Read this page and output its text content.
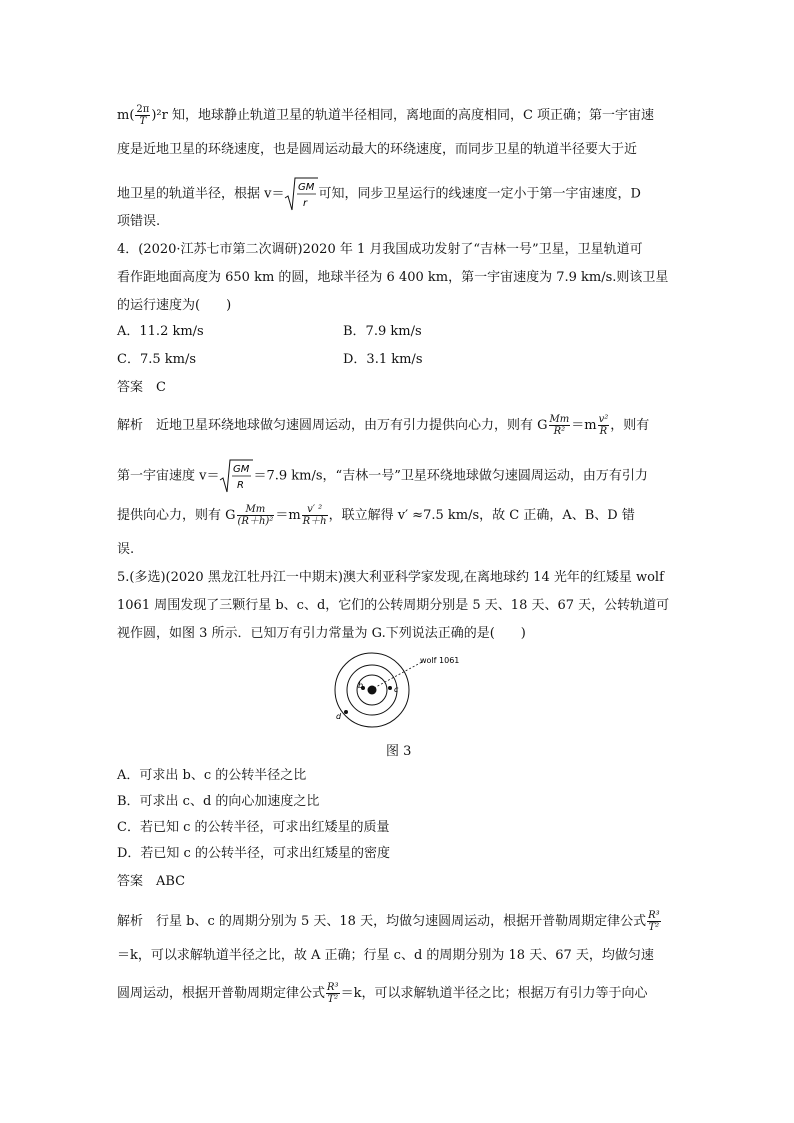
$m( \frac{2\pi}{T} )^2r$ 知，地球静止轨道卫星的轨道半径相同，离地面的高度相同，C 项正确；第一宇宙速
度是近地卫星的环绕速度，也是圆周运动最大的环绕速度，而同步卫星的轨道半径要大于近
地卫星的轨道半径，根据 v＝ GM
r
可知，同步卫星运行的线速度一定小于第一宇宙速度，D
项错误.
4．(2020·江苏七市第二次调研)2020 年 1 月我国成功发射了“吉林一号”卫星，卫星轨道可
看作距地面高度为 650 km 的圆，地球半径为 6 400 km，第一宇宙速度为 7.9 km/s.则该卫星
的运行速度为(　　)
A．11.2 km/s	B．7.9 km/s
C．7.5 km/s	D．3.1 km/s
答案　C
解析　近地卫星环绕地球做匀速圆周运动，由万有引力提供向心力，则有 G $\frac{Mm}{\text{R²}} =m \frac{\text{v²}}{R}$ ，则有
第一宇宙速度 v＝ GM
R
＝7.9 km/s，“吉林一号”卫星环绕地球做匀速圆周运动，由万有引力
提供向心力，则有 G $\frac{Mm}{\text{(R＋h)²}} =m \frac{\text{v′ ²}}{R+h}$ ，联立解得 v′ ≈7.5 km/s，故 C 正确，A、B、D 错
误.
5.(多选)(2020 黑龙江牡丹江一中期末)澳大利亚科学家发现,在离地球约 14 光年的红矮星 wolf
1061 周围发现了三颗行星 b、c、d，它们的公转周期分别是 5 天、18 天、67 天，公转轨道可
视作圆，如图 3 所示．已知万有引力常量为 G.下列说法正确的是(　　)
wolf 1061
b	c
d
图 3
A．可求出 b、c 的公转半径之比
B．可求出 c、d 的向心加速度之比
C．若已知 c 的公转半径，可求出红矮星的质量
D．若已知 c 的公转半径，可求出红矮星的密度
答案　ABC
解析　行星 b、c 的周期分别为 5 天、18 天，均做匀速圆周运动，根据开普勒周期定律公式 $\frac{\text{R³}}{\text{T²}}$
＝k，可以求解轨道半径之比，故 A 正确；行星 c、d 的周期分别为 18 天、67 天，均做匀速
圆周运动，根据开普勒周期定律公式 $\frac{\text{R³}}{\text{T²}} =k$，可以求解轨道半径之比；根据万有引力等于向心
